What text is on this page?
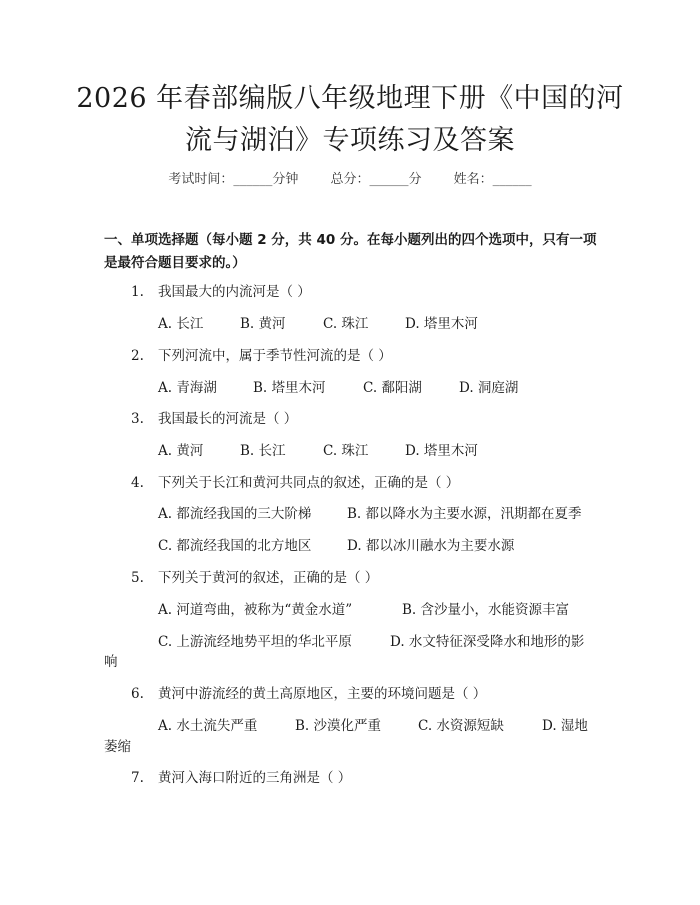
2026 年春部编版八年级地理下册《中国的河
流与湖泊》专项练习及答案
考试时间：______分钟 总分：______分 姓名：______
一、单项选择题（每小题 2 分，共 40 分。在每小题列出的四个选项中，只有一项
是最符合题目要求的。）
1. 我国最大的内流河是（ ）
A. 长江	B. 黄河	C. 珠江	D. 塔里木河
2. 下列河流中，属于季节性河流的是（ ）
A. 青海湖	B. 塔里木河	C. 鄱阳湖	D. 洞庭湖
3. 我国最长的河流是（ ）
A. 黄河	B. 长江	C. 珠江	D. 塔里木河
4. 下列关于长江和黄河共同点的叙述，正确的是（ ）
A. 都流经我国的三大阶梯	B. 都以降水为主要水源，汛期都在夏季
C. 都流经我国的北方地区	D. 都以冰川融水为主要水源
5. 下列关于黄河的叙述，正确的是（ ）
A. 河道弯曲，被称为“黄金水道”	B. 含沙量小，水能资源丰富
C. 上游流经地势平坦的华北平原	D. 水文特征深受降水和地形的影
响
6. 黄河中游流经的黄土高原地区，主要的环境问题是（ ）
A. 水土流失严重	B. 沙漠化严重	C. 水资源短缺	D. 湿地
萎缩
7. 黄河入海口附近的三角洲是（ ）
